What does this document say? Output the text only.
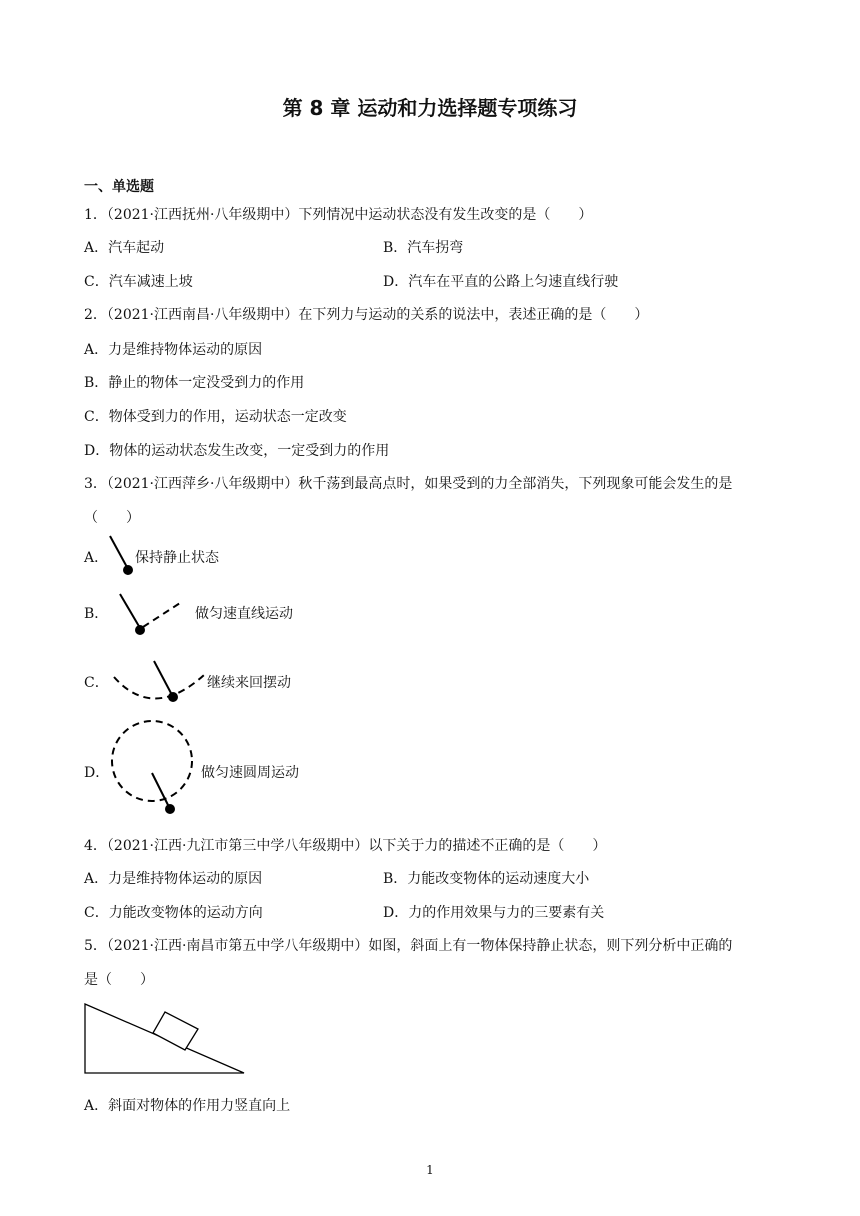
第 8 章 运动和力选择题专项练习
一、单选题
1．（2021·江西抚州·八年级期中）下列情况中运动状态没有发生改变的是（　　）
A．汽车起动	B．汽车拐弯
C．汽车减速上坡	D．汽车在平直的公路上匀速直线行驶
2．（2021·江西南昌·八年级期中）在下列力与运动的关系的说法中，表述正确的是（　　）
A．力是维持物体运动的原因
B．静止的物体一定没受到力的作用
C．物体受到力的作用，运动状态一定改变
D．物体的运动状态发生改变，一定受到力的作用
3．（2021·江西萍乡·八年级期中）秋千荡到最高点时，如果受到的力全部消失，下列现象可能会发生的是
（　　）
A． 保持静止状态
B．	做匀速直线运动
C．	继续来回摆动
D．	做匀速圆周运动
4．（2021·江西·九江市第三中学八年级期中）以下关于力的描述不正确的是（　　）
A．力是维持物体运动的原因	B．力能改变物体的运动速度大小
C．力能改变物体的运动方向	D．力的作用效果与力的三要素有关
5．（2021·江西·南昌市第五中学八年级期中）如图，斜面上有一物体保持静止状态，则下列分析中正确的
是（　　）
A．斜面对物体的作用力竖直向上
1
